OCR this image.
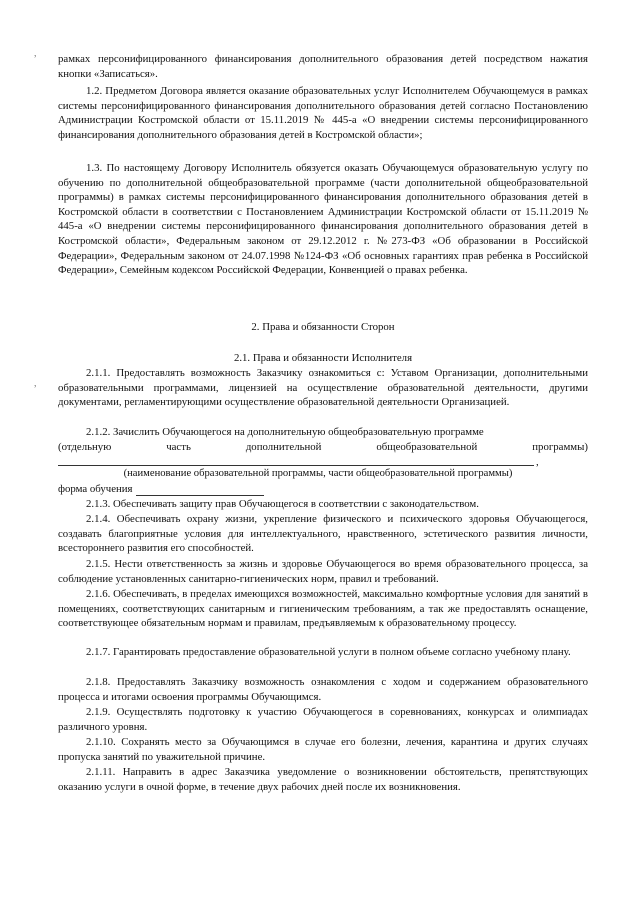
,
,
рамках персонифицированного финансирования дополнительного образования детей посредством нажатия кнопки «Записаться».
1.2. Предметом Договора является оказание образовательных услуг Исполнителем Обучающемуся в рамках системы персонифицированного финансирования дополнительного образования детей согласно Постановлению Администрации Костромской области от 15.11.2019 № 445-а «О внедрении системы персонифицированного финансирования дополнительного образования детей в Костромской области»;
1.3. По настоящему Договору Исполнитель обязуется оказать Обучающемуся образовательную услугу по обучению по дополнительной общеобразовательной программе (части дополнительной общеобразовательной программы) в рамках системы персонифицированного финансирования дополнительного образования детей в Костромской области в соответствии с Постановлением Администрации Костромской области от 15.11.2019 № 445-а «О внедрении системы персонифицированного финансирования дополнительного образования детей в Костромской области», Федеральным законом от 29.12.2012 г. №273-ФЗ «Об образовании в Российской Федерации», Федеральным законом от 24.07.1998 №124-ФЗ «Об основных гарантиях прав ребенка в Российской Федерации», Семейным кодексом Российской Федерации, Конвенцией о правах ребенка.
2. Права и обязанности Сторон
2.1. Права и обязанности Исполнителя
2.1.1. Предоставлять возможность Заказчику ознакомиться с: Уставом Организации, дополнительными образовательными программами, лицензией на осуществление образовательной деятельности, другими документами, регламентирующими осуществление образовательной деятельности Организацией.
2.1.2. Зачислить Обучающегося на дополнительную общеобразовательную программе
(отдельную часть дополнительной общеобразовательной программы)
,
(наименование образовательной программы, части общеобразовательной программы)
форма обучения
2.1.3. Обеспечивать защиту прав Обучающегося в соответствии с законодательством.
2.1.4. Обеспечивать охрану жизни, укрепление физического и психического здоровья Обучающегося, создавать благоприятные условия для интеллектуального, нравственного, эстетического развития личности, всестороннего развития его способностей.
2.1.5. Нести ответственность за жизнь и здоровье Обучающегося во время образовательного процесса, за соблюдение установленных санитарно-гигиенических норм, правил и требований.
2.1.6. Обеспечивать, в пределах имеющихся возможностей, максимально комфортные условия для занятий в помещениях, соответствующих санитарным и гигиеническим требованиям, а так же предоставлять оснащение, соответствующее обязательным нормам и правилам, предъявляемым к образовательному процессу.
2.1.7. Гарантировать предоставление образовательной услуги в полном объеме согласно учебному плану.
2.1.8. Предоставлять Заказчику возможность ознакомления с ходом и содержанием образовательного процесса и итогами освоения программы Обучающимся.
2.1.9. Осуществлять подготовку к участию Обучающегося в соревнованиях, конкурсах и олимпиадах различного уровня.
2.1.10. Сохранять место за Обучающимся в случае его болезни, лечения, карантина и других случаях пропуска занятий по уважительной причине.
2.1.11. Направить в адрес Заказчика уведомление о возникновении обстоятельств, препятствующих оказанию услуги в очной форме, в течение двух рабочих дней после их возникновения.
